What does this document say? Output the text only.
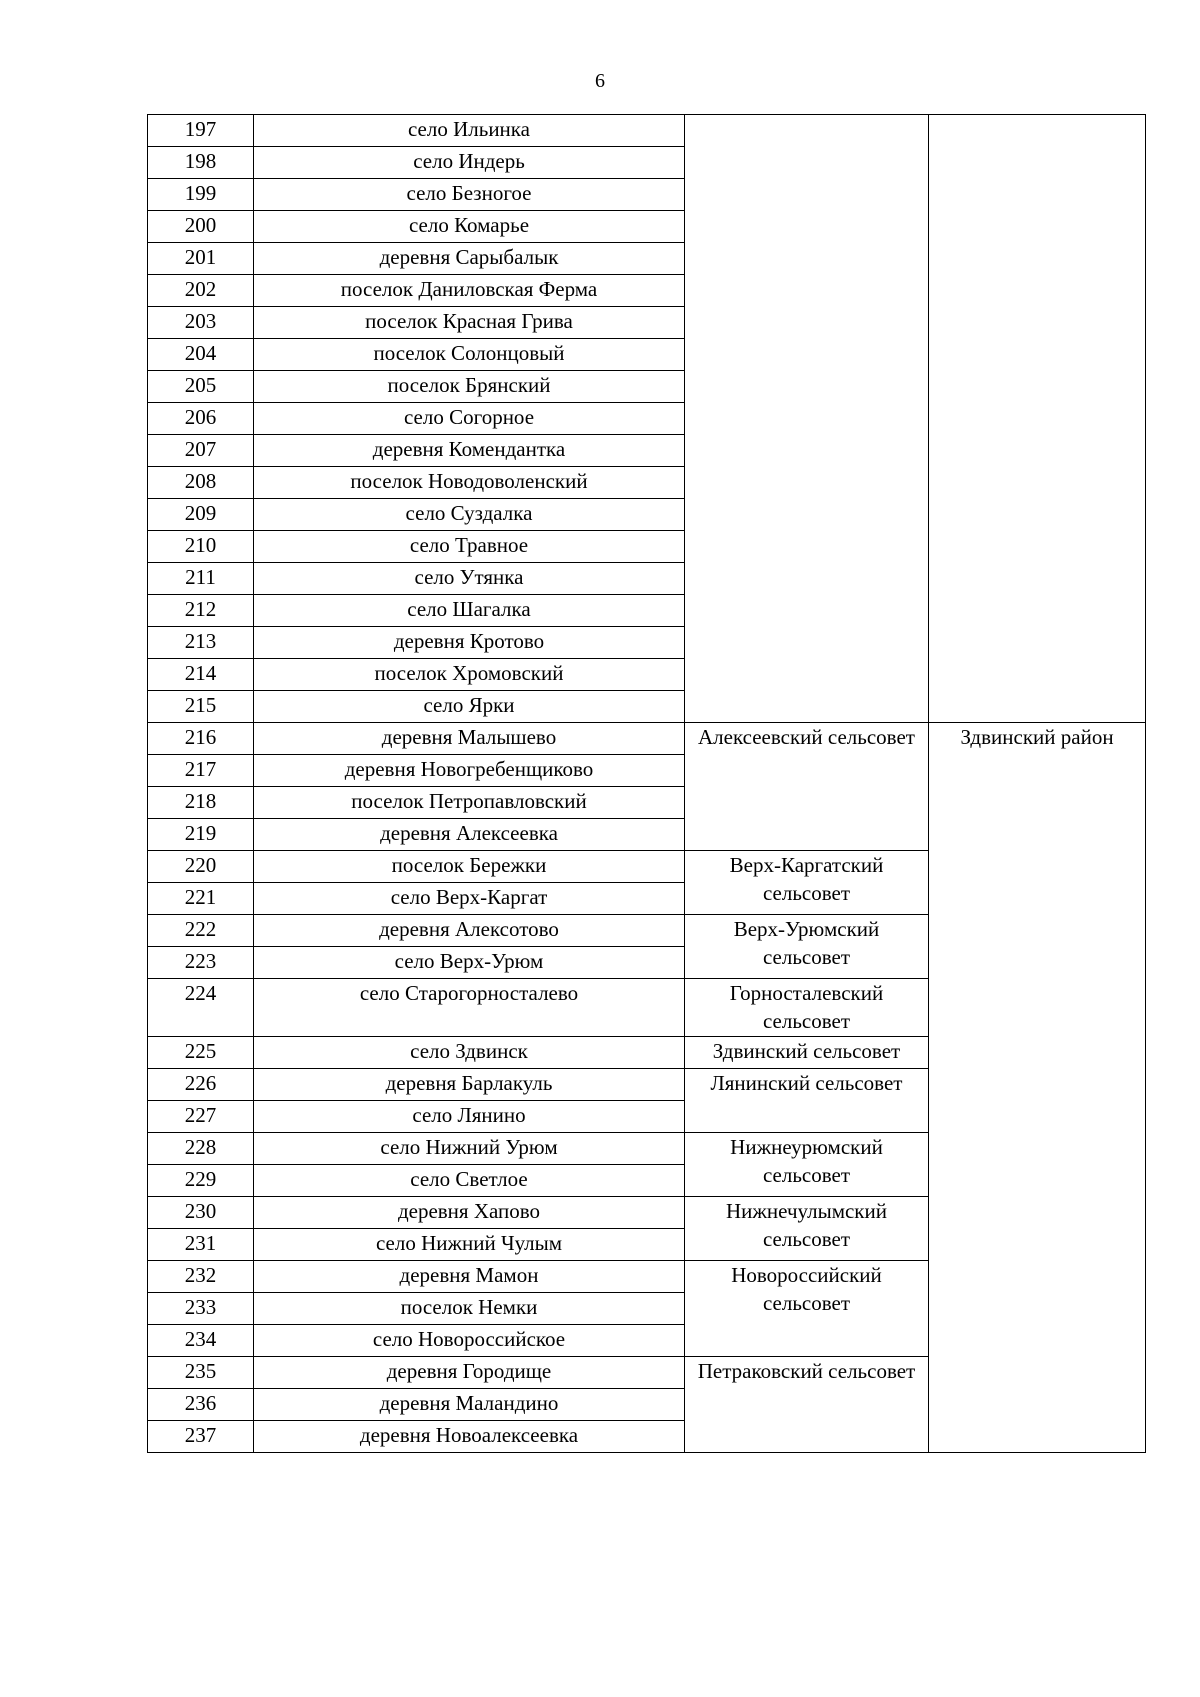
6
197	село Ильинка		
198	село Индерь		
199	село Безногое		
200	село Комарье		
201	деревня Сарыбалык		
202	поселок Даниловская Ферма		
203	поселок Красная Грива		
204	поселок Солонцовый		
205	поселок Брянский		
206	село Согорное		
207	деревня Комендантка		
208	поселок Новодоволенский		
209	село Суздалка		
210	село Травное		
211	село Утянка		
212	село Шагалка		
213	деревня Кротово		
214	поселок Хромовский		
215	село Ярки		
216	деревня Малышево	Алексеевский сельсовет	Здвинский район
217	деревня Новогребенщиково		
218	поселок Петропавловский		
219	деревня Алексеевка		
220	поселок Бережки	Верх-Каргатский сельсовет	
221	село Верх-Каргат		
222	деревня Алексотово	Верх-Урюмский сельсовет	
223	село Верх-Урюм		
224	село Старогорносталево	Горносталевский сельсовет	
225	село Здвинск	Здвинский сельсовет	
226	деревня Барлакуль	Лянинский сельсовет	
227	село Лянино		
228	село Нижний Урюм	Нижнеурюмский сельсовет	
229	село Светлое		
230	деревня Хапово	Нижнечулымский сельсовет	
231	село Нижний Чулым		
232	деревня Мамон	Новороссийский сельсовет	
233	поселок Немки		
234	село Новороссийское		
235	деревня Городище	Петраковский сельсовет	
236	деревня Маландино		
237	деревня Новоалексеевка		
